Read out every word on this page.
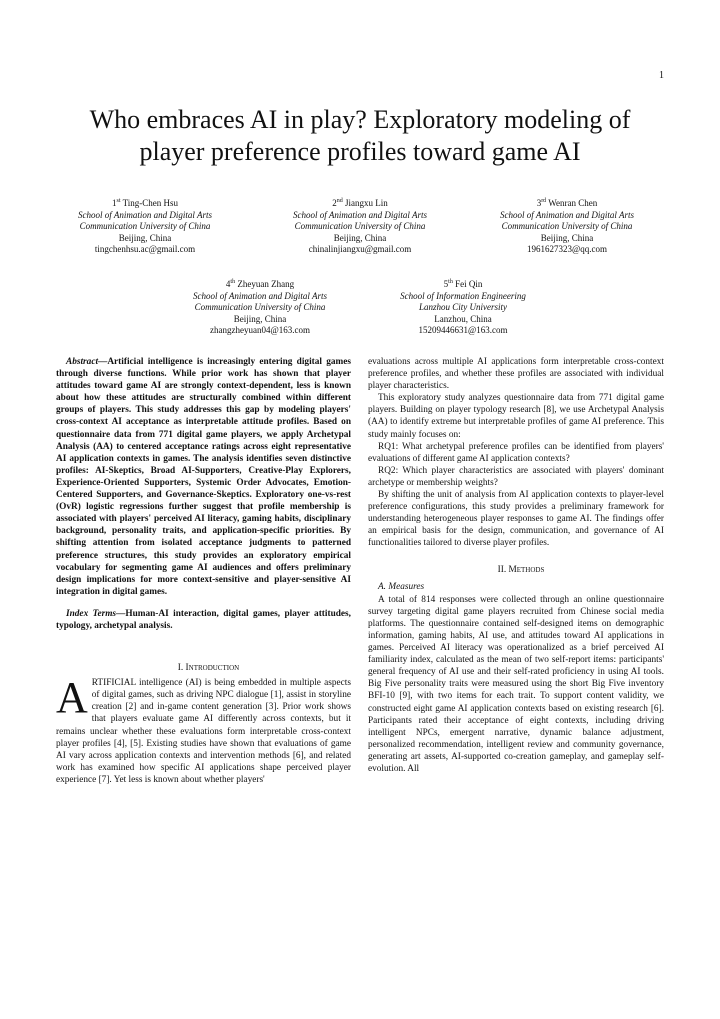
1
Who embraces AI in play? Exploratory modeling of
player preference profiles toward game AI
1st Ting-Chen Hsu
School of Animation and Digital Arts
Communication University of China
Beijing, China
tingchenhsu.ac@gmail.com
2nd Jiangxu Lin
School of Animation and Digital Arts
Communication University of China
Beijing, China
chinalinjiangxu@gmail.com
3rd Wenran Chen
School of Animation and Digital Arts
Communication University of China
Beijing, China
1961627323@qq.com
4th Zheyuan Zhang
School of Animation and Digital Arts
Communication University of China
Beijing, China
zhangzheyuan04@163.com
5th Fei Qin
School of Information Engineering
Lanzhou City University
Lanzhou, China
15209446631@163.com

Abstract—Artificial intelligence is increasingly entering digital games through diverse functions. While prior work has shown that player attitudes toward game AI are strongly context-dependent, less is known about how these attitudes are structurally combined within different groups of players. This study addresses this gap by modeling players' cross-context AI acceptance as interpretable attitude profiles. Based on questionnaire data from 771 digital game players, we apply Archetypal Analysis (AA) to centered acceptance ratings across eight representative AI application contexts in games. The analysis identifies seven distinctive profiles: AI-Skeptics, Broad AI-Supporters, Creative-Play Explorers, Experience-Oriented Supporters, Systemic Order Advocates, Emotion-Centered Supporters, and Governance-Skeptics. Exploratory one-vs-rest (OvR) logistic regressions further suggest that profile membership is associated with players' perceived AI literacy, gaming habits, disciplinary background, personality traits, and application-specific priorities. By shifting attention from isolated acceptance judgments to patterned preference structures, this study provides an exploratory empirical vocabulary for segmenting game AI audiences and offers preliminary design implications for more context-sensitive and player-sensitive AI integration in digital games.

Index Terms—Human-AI interaction, digital games, player attitudes, typology, archetypal analysis.

I. Introduction

ARTIFICIAL intelligence (AI) is being embedded in multiple aspects of digital games, such as driving NPC dialogue [1], assist in storyline creation [2] and in-game content generation [3]. Prior work shows that players evaluate game AI differently across contexts, but it remains unclear whether these evaluations form interpretable cross-context player profiles [4], [5]. Existing studies have shown that evaluations of game AI vary across application contexts and intervention methods [6], and related work has examined how specific AI applications shape perceived player experience [7]. Yet less is known about whether players'

evaluations across multiple AI applications form interpretable cross-context preference profiles, and whether these profiles are associated with individual player characteristics.

This exploratory study analyzes questionnaire data from 771 digital game players. Building on player typology research [8], we use Archetypal Analysis (AA) to identify extreme but interpretable profiles of game AI preference. This study mainly focuses on:

RQ1: What archetypal preference profiles can be identified from players' evaluations of different game AI application contexts?

RQ2: Which player characteristics are associated with players' dominant archetype or membership weights?

By shifting the unit of analysis from AI application contexts to player-level preference configurations, this study provides a preliminary framework for understanding heterogeneous player responses to game AI. The findings offer an empirical basis for the design, communication, and governance of AI functionalities tailored to diverse player profiles.

II. Methods

A. Measures

A total of 814 responses were collected through an online questionnaire survey targeting digital game players recruited from Chinese social media platforms. The questionnaire contained self-designed items on demographic information, gaming habits, AI use, and attitudes toward AI applications in games. Perceived AI literacy was operationalized as a brief perceived AI familiarity index, calculated as the mean of two self-report items: participants' general frequency of AI use and their self-rated proficiency in using AI tools. Big Five personality traits were measured using the short Big Five inventory BFI-10 [9], with two items for each trait. To support content validity, we constructed eight game AI application contexts based on existing research [6]. Participants rated their acceptance of eight contexts, including driving intelligent NPCs, emergent narrative, dynamic balance adjustment, personalized recommendation, intelligent review and community governance, generating art assets, AI-supported co-creation gameplay, and gameplay self-evolution. All
